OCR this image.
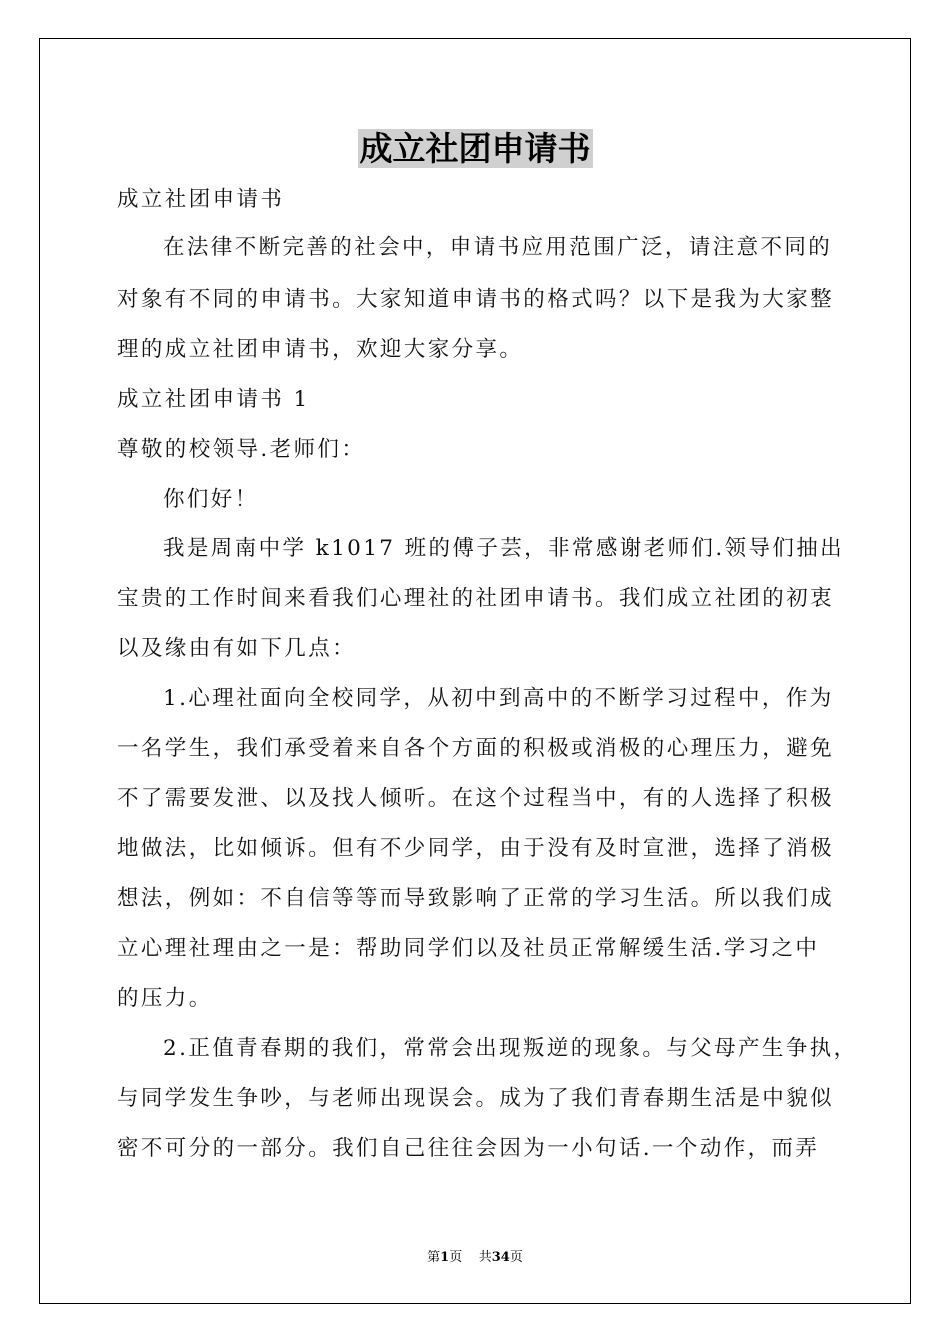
成立社团申请书
成立社团申请书
在法律不断完善的社会中，申请书应用范围广泛，请注意不同的
对象有不同的申请书。大家知道申请书的格式吗？以下是我为大家整
理的成立社团申请书，欢迎大家分享。
成立社团申请书 1
尊敬的校领导.老师们：
你们好！
我是周南中学 k1017 班的傅子芸，非常感谢老师们.领导们抽出
宝贵的工作时间来看我们心理社的社团申请书。我们成立社团的初衷
以及缘由有如下几点：
1.心理社面向全校同学，从初中到高中的不断学习过程中，作为
一名学生，我们承受着来自各个方面的积极或消极的心理压力，避免
不了需要发泄、以及找人倾听。在这个过程当中，有的人选择了积极
地做法，比如倾诉。但有不少同学，由于没有及时宣泄，选择了消极
想法，例如：不自信等等而导致影响了正常的学习生活。所以我们成
立心理社理由之一是：帮助同学们以及社员正常解缓生活.学习之中
的压力。
2.正值青春期的我们，常常会出现叛逆的现象。与父母产生争执，
与同学发生争吵，与老师出现误会。成为了我们青春期生活是中貌似
密不可分的一部分。我们自己往往会因为一小句话.一个动作，而弄
第1页 共34页
